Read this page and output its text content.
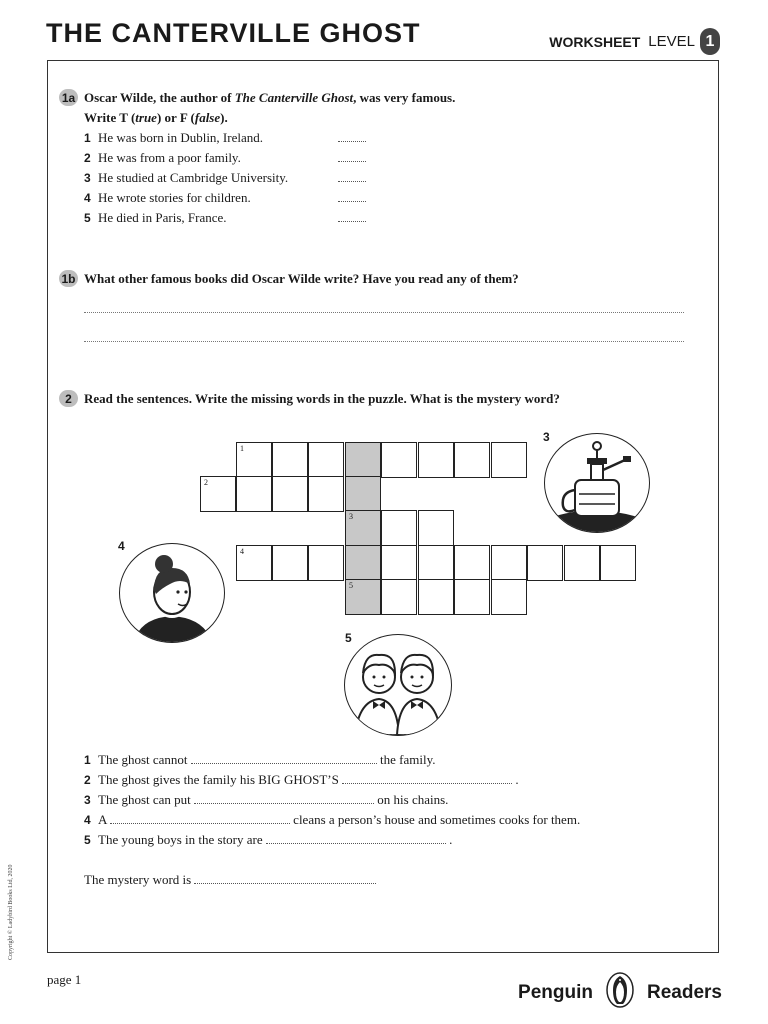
THE CANTERVILLE GHOST	WORKSHEET LEVEL 1
1a Oscar Wilde, the author of The Canterville Ghost, was very famous.
Write T (true) or F (false).
1 He was born in Dublin, Ireland.
2 He was from a poor family.
3 He studied at Cambridge University.
4 He wrote stories for children.
5 He died in Paris, France.
1b What other famous books did Oscar Wilde write? Have you read any of them?
2 Read the sentences. Write the missing words in the puzzle. What is the mystery word?
1
2
3
4
5
3
4
5
1 The ghost cannot	the family.
2 The ghost gives the family his BIG GHOST’S	.
3 The ghost can put	on his chains.
4 A	cleans a person’s house and sometimes cooks for them.
5 The young boys in the story are	.
The mystery word is
Copyright © Ladybird Books Ltd, 2020
page 1
Penguin	Readers
